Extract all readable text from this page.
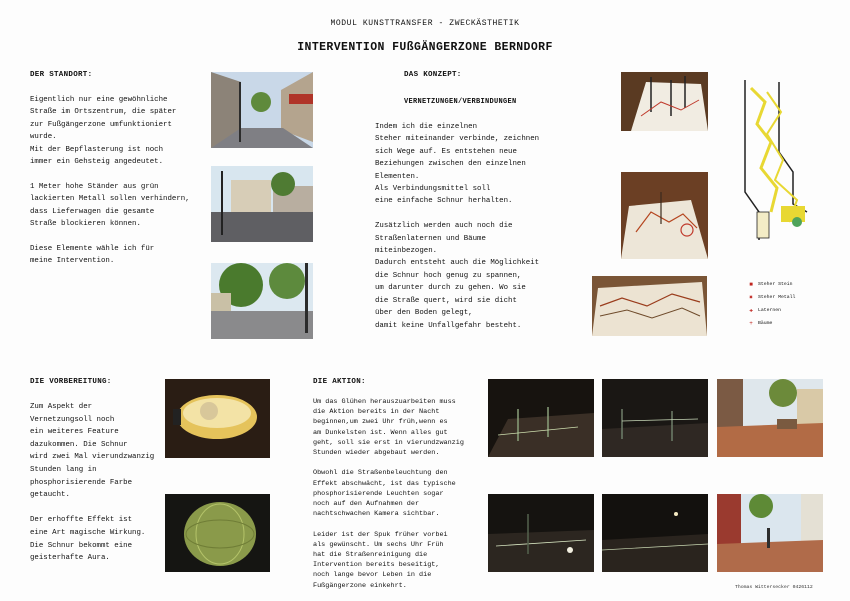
MODUL KUNSTTRANSFER - ZWECKÄSTHETIK
INTERVENTION FUßGÄNGERZONE BERNDORF
DER STANDORT:
Eigentlich nur eine gewöhnliche
Straße im Ortszentrum, die später
zur Fußgängerzone umfunktioniert
wurde.
Mit der Bepflasterung ist noch
immer ein Gehsteig angedeutet.

1 Meter hohe Ständer aus grün
lackierten Metall sollen verhindern,
dass Lieferwagen die gesamte
Straße blockieren können.

Diese Elemente wähle ich für
meine Intervention.
DAS KONZEPT:
VERNETZUNGEN/VERBINDUNGEN
Indem ich die einzelnen
Steher miteinander verbinde, zeichnen
sich Wege auf. Es entstehen neue
Beziehungen zwischen den einzelnen
Elementen.
Als Verbindungsmittel soll
eine einfache Schnur herhalten.

Zusätzlich werden auch noch die
Straßenlaternen und Bäume
miteinbezogen.
Dadurch entsteht auch die Möglichkeit
die Schnur hoch genug zu spannen,
um darunter durch zu gehen. Wo sie
die Straße quert, wird sie dicht
über den Boden gelegt,
damit keine Unfallgefahr besteht.
■ Steher Stein
✖ Steher Metall
✚ Laternen
+ Bäume
DIE VORBEREITUNG:
Zum Aspekt der
Vernetzungsoll noch
ein weiteres Feature
dazukommen. Die Schnur
wird zwei Mal vierundzwanzig
Stunden lang in
phosphorisierende Farbe
getaucht.

Der erhoffte Effekt ist
eine Art magische Wirkung.
Die Schnur bekommt eine
geisterhafte Aura.
DIE AKTION:
Um das Glühen herauszuarbeiten muss
die Aktion bereits in der Nacht
beginnen,um zwei Uhr früh,wenn es
am Dunkelsten ist. Wenn alles gut
geht, soll sie erst in vierundzwanzig
Stunden wieder abgebaut werden.

Obwohl die Straßenbeleuchtung den
Effekt abschwächt, ist das typische
phosphorisierende Leuchten sogar
noch auf den Aufnahmen der
nachtschwachen Kamera sichtbar.

Leider ist der Spuk früher vorbei
als gewünscht. Um sechs Uhr Früh
hat die Straßenreinigung die
Intervention bereits beseitigt,
noch lange bevor Leben in die
Fußgängerzone einkehrt.	Thomas Wittersecker 0426112
